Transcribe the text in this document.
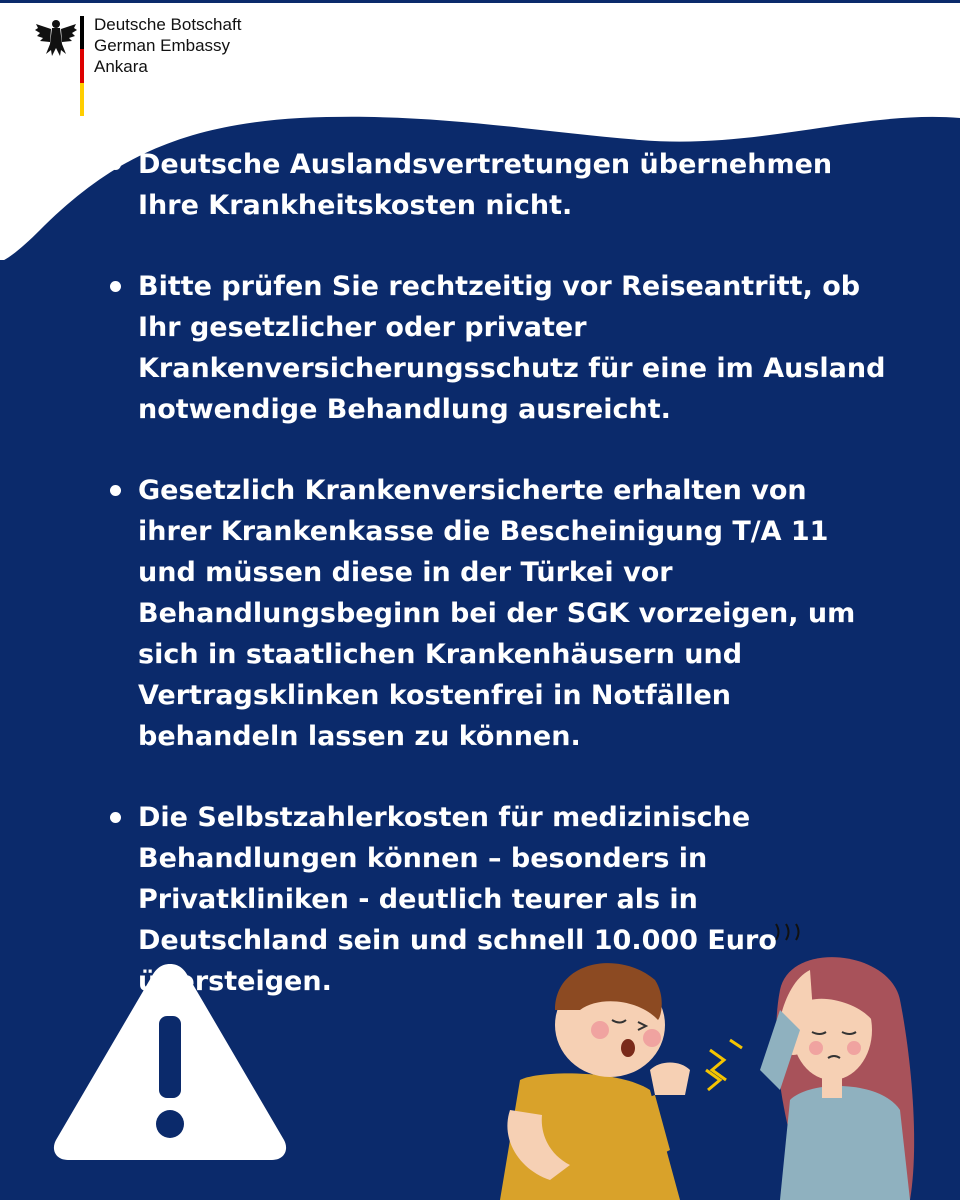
Deutsche Botschaft
German Embassy
Ankara
Deutsche Auslandsvertretungen übernehmen Ihre Krankheitskosten nicht.
Bitte prüfen Sie rechtzeitig vor Reiseantritt, ob Ihr gesetzlicher oder privater Krankenversicherungsschutz für eine im Ausland notwendige Behandlung ausreicht.
Gesetzlich Krankenversicherte erhalten von ihrer Krankenkasse die Bescheinigung T/A 11 und müssen diese in der Türkei vor Behandlungsbeginn bei der SGK vorzeigen, um sich in staatlichen Krankenhäusern und Vertragsklinken kostenfrei in Notfällen behandeln lassen zu können.
Die Selbstzahlerkosten für medizinische Behandlungen können – besonders in Privatkliniken - deutlich teurer als in Deutschland sein und schnell 10.000 Euro übersteigen.
